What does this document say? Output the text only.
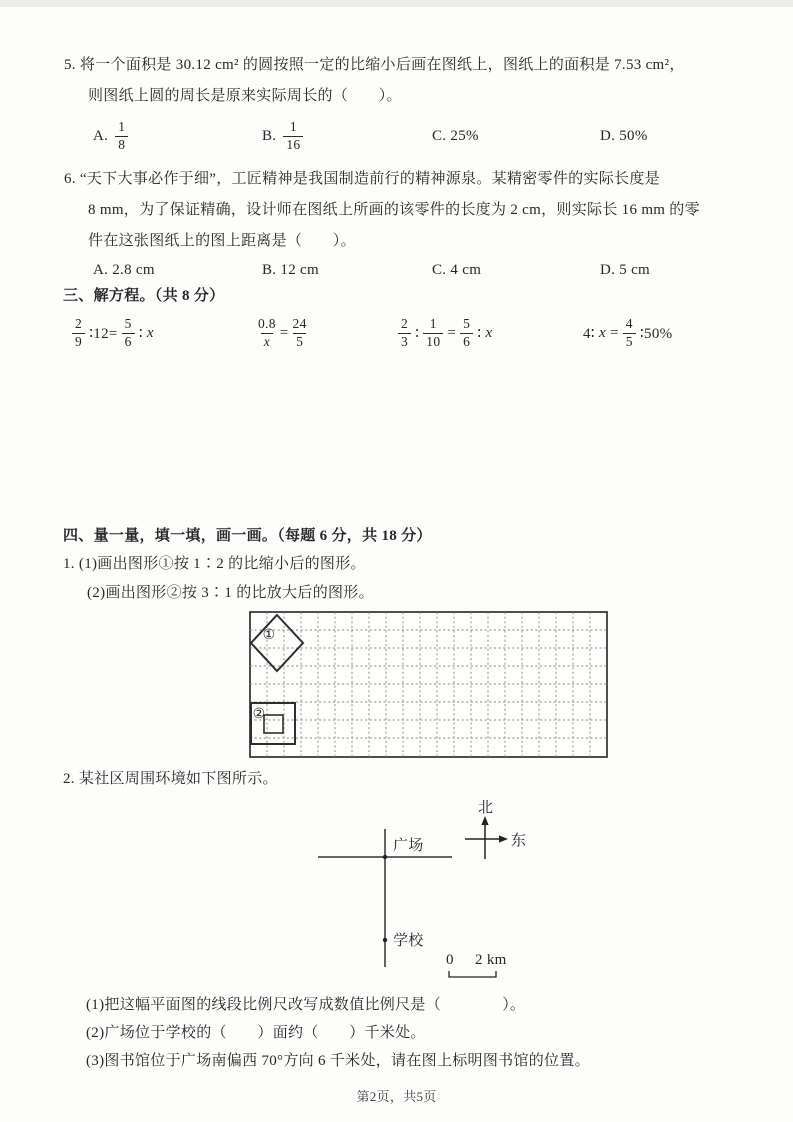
5. 将一个面积是 30.12 cm² 的圆按照一定的比缩小后画在图纸上，图纸上的面积是 7.53 cm²，
则图纸上圆的周长是原来实际周长的（　　）。
A. $\frac{1}{8}$	B. $\frac{1}{16}$	C. 25%	D. 50%
6. “天下大事必作于细”，工匠精神是我国制造前行的精神源泉。某精密零件的实际长度是
8 mm，为了保证精确，设计师在图纸上所画的该零件的长度为 2 cm，则实际长 16 mm 的零
件在这张图纸上的图上距离是（　　）。
A. 2.8 cm	B. 12 cm	C. 4 cm	D. 5 cm
三、解方程。（共 8 分）
$\frac{2}{9}$ ∶12= $\frac{5}{6}$ ∶ x	$\frac{0.8}{x} = \frac{24}{5}$	$\frac{2}{3}$ ∶ $\frac{1}{10} = \frac{5}{6}$ ∶ x	4∶ $x = \frac{4}{5}$ ∶50%
四、量一量，填一填，画一画。（每题 6 分，共 18 分）
1. (1)画出图形①按 1∶2 的比缩小后的图形。
(2)画出图形②按 3∶1 的比放大后的图形。
①
②
2. 某社区周围环境如下图所示。
广场
学校
北
东
0 2 km
(1)把这幅平面图的线段比例尺改写成数值比例尺是（　　　　）。
(2)广场位于学校的（　　）面约（　　）千米处。
(3)图书馆位于广场南偏西 70°方向 6 千米处，请在图上标明图书馆的位置。
第2页，共5页
